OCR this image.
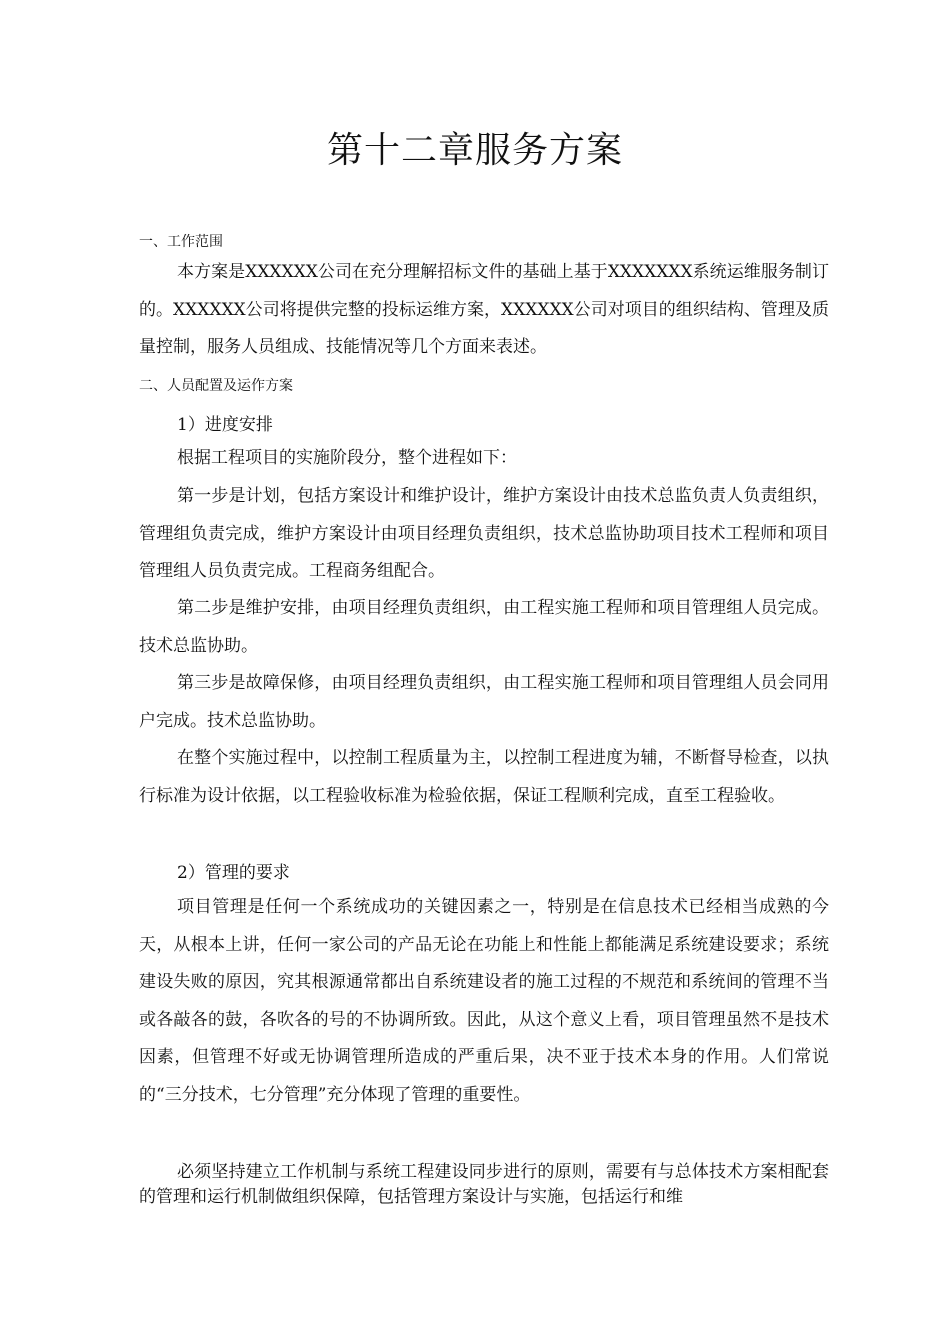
第十二章服务方案
一、工作范围
本方案是XXXXXX公司在充分理解招标文件的基础上基于XXXXXXX系统运维服务制订的。XXXXXX公司将提供完整的投标运维方案，XXXXXX公司对项目的组织结构、管理及质量控制，服务人员组成、技能情况等几个方面来表述。
二、人员配置及运作方案
1）进度安排
根据工程项目的实施阶段分，整个进程如下：
第一步是计划，包括方案设计和维护设计，维护方案设计由技术总监负责人负责组织，管理组负责完成，维护方案设计由项目经理负责组织，技术总监协助项目技术工程师和项目管理组人员负责完成。工程商务组配合。
第二步是维护安排，由项目经理负责组织，由工程实施工程师和项目管理组人员完成。技术总监协助。
第三步是故障保修，由项目经理负责组织，由工程实施工程师和项目管理组人员会同用户完成。技术总监协助。
在整个实施过程中，以控制工程质量为主，以控制工程进度为辅，不断督导检查，以执行标准为设计依据，以工程验收标准为检验依据，保证工程顺利完成，直至工程验收。
2）管理的要求
项目管理是任何一个系统成功的关键因素之一，特别是在信息技术已经相当成熟的今天，从根本上讲，任何一家公司的产品无论在功能上和性能上都能满足系统建设要求；系统建设失败的原因，究其根源通常都出自系统建设者的施工过程的不规范和系统间的管理不当或各敲各的鼓，各吹各的号的不协调所致。因此，从这个意义上看，项目管理虽然不是技术因素，但管理不好或无协调管理所造成的严重后果，决不亚于技术本身的作用。人们常说的“三分技术，七分管理”充分体现了管理的重要性。
必须坚持建立工作机制与系统工程建设同步进行的原则，需要有与总体技术方案相配套的管理和运行机制做组织保障，包括管理方案设计与实施，包括运行和维
